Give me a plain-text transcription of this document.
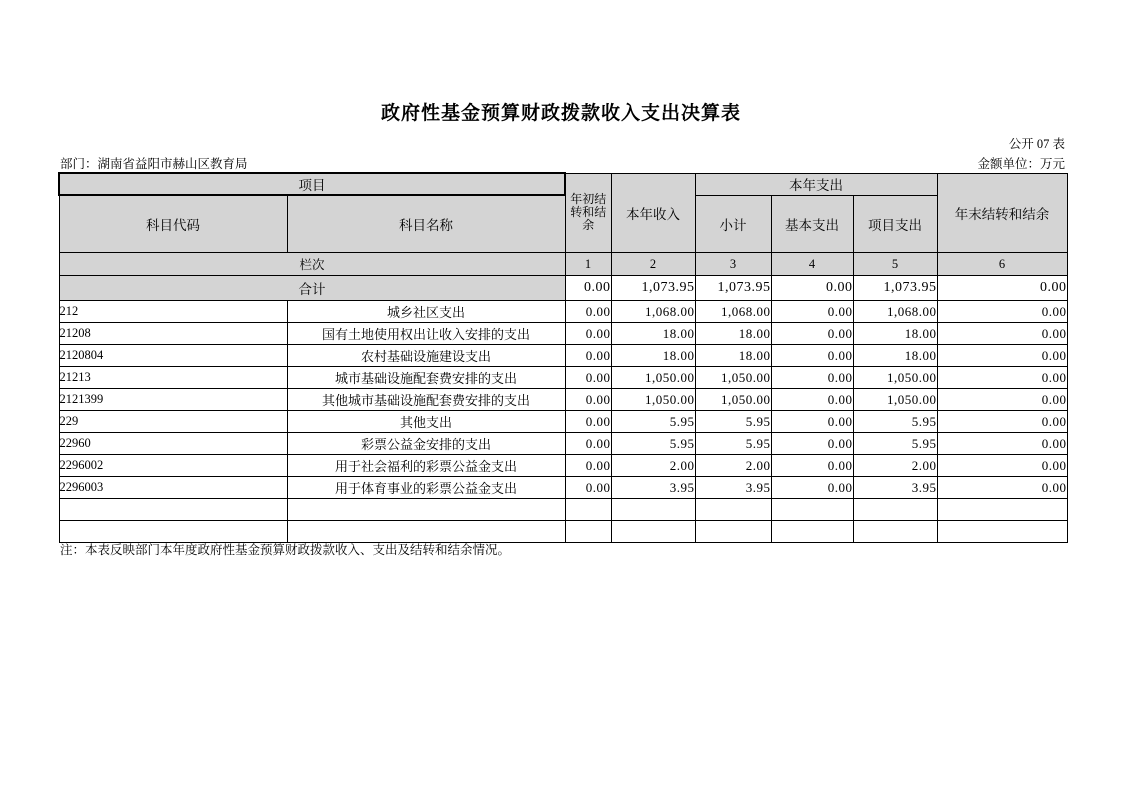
政府性基金预算财政拨款收入支出决算表
公开 07 表
部门：湖南省益阳市赫山区教育局	金额单位：万元
项目		年初结转和结余	本年收入	本年支出			年末结转和结余
科目代码	科目名称			小计	基本支出	项目支出	
栏次		1	2	3	4	5	6
合计		0.00	1,073.95	1,073.95	0.00	1,073.95	0.00
212	城乡社区支出	0.00	1,068.00	1,068.00	0.00	1,068.00	0.00
21208	国有土地使用权出让收入安排的支出	0.00	18.00	18.00	0.00	18.00	0.00
2120804	农村基础设施建设支出	0.00	18.00	18.00	0.00	18.00	0.00
21213	城市基础设施配套费安排的支出	0.00	1,050.00	1,050.00	0.00	1,050.00	0.00
2121399	其他城市基础设施配套费安排的支出	0.00	1,050.00	1,050.00	0.00	1,050.00	0.00
229	其他支出	0.00	5.95	5.95	0.00	5.95	0.00
22960	彩票公益金安排的支出	0.00	5.95	5.95	0.00	5.95	0.00
2296002	用于社会福利的彩票公益金支出	0.00	2.00	2.00	0.00	2.00	0.00
2296003	用于体育事业的彩票公益金支出	0.00	3.95	3.95	0.00	3.95	0.00

注：本表反映部门本年度政府性基金预算财政拨款收入、支出及结转和结余情况。
